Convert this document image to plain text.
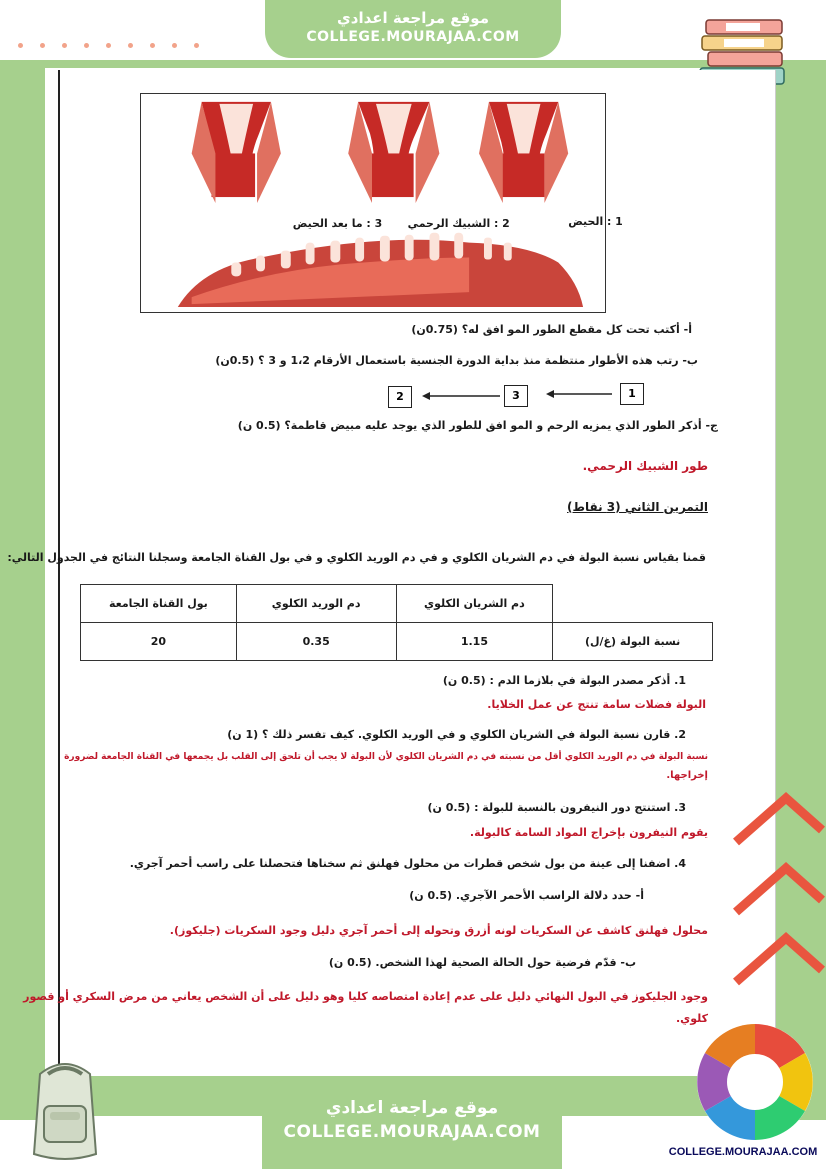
موقع مراجعة اعدادي
COLLEGE.MOURAJAA.COM
1 : الحيض
2 : الشبيك الرحمي
3 : ما بعد الحيض
أ- أكتب تحت كل مقطع الطور المو افق له؟ (0.75ن)
ب- رتب هذه الأطوار منتظمة منذ بداية الدورة الجنسية باستعمال الأرقام 1،2 و 3 ؟ (0.5ن)
1
3
2
ج- أذكر الطور الذي يمزيه الرحم و المو افق للطور الذي يوجد عليه مبيض قاطمة؟ (0.5 ن)
طور الشبيك الرحمي.
التمرين الثاني (3 نقاط)
قمنا بقياس نسبة البولة في دم الشريان الكلوي و في دم الوريد الكلوي و في بول القناة الجامعة وسجلنا النتائج في الجدول التالي:
	دم الشريان الكلوي	دم الوريد الكلوي	بول القناة الجامعة
نسبة البولة (غ/ل)	1.15	0.35	20
1. أذكر مصدر البولة في بلازما الدم : (0.5 ن)
البولة فضلات سامة تنتج عن عمل الخلايا.
2. قارن نسبة البولة في الشريان الكلوي و في الوريد الكلوي. كيف تفسر ذلك ؟ (1 ن)
نسبة البولة في دم الوريد الكلوي أقل من نسبته في دم الشريان الكلوي لأن البولة لا يجب أن تلحق إلى القلب بل يجمعها في القناة الجامعة لضرورة
إخراجها.
3. استنتج دور النيفرون بالنسبة للبولة : (0.5 ن)
يقوم النيفرون بإخراج المواد السامة كالبولة.
4. اضفنا إلى عينة من بول شخص قطرات من محلول فهلنق ثم سخناها فتحصلنا على راسب أحمر آجري.
أ- حدد دلالة الراسب الأحمر الآجري. (0.5 ن)
محلول فهلنق كاشف عن السكريات لونه أزرق وتحوله إلى أحمر آجري دليل وجود السكريات (جليكوز).
ب- قدّم فرضية حول الحالة الصحية لهذا الشخص. (0.5 ن)
وجود الجليكوز في البول النهائي دليل على عدم إعادة امتصاصه كليا وهو دليل على أن الشخص يعاني من مرض السكري أو قصور
كلوي.
COLLEGE.MOURAJAA.COM
موقع مراجعة اعدادي
COLLEGE.MOURAJAA.COM
